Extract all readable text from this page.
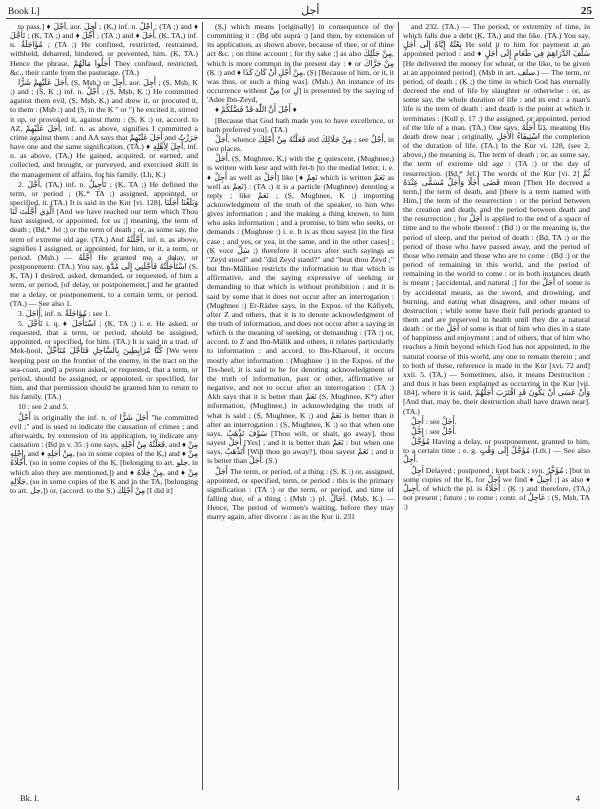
Book I.]	أجل	25

to pass.] ♦ أَجْلَ, aor. أَجِلَ ; (Ḳ,) inf. n. أَجْلٌ ; (TA ;) and ♦ تَأَجَّلَ ; (Ḳ, TA ;) and ♦ أُجِّلَ ; (TA ;) and ♦ أَجَلَ, (Ḳ, TA,) inf. n. مُؤَاجَلَةٌ ; (TA ;) He confined, restricted, restrained, withheld, debarred, hindered, or prevented, him. (Ḳ, TA.) Hence the phrase, أَجَلُوا مَالَهُمْ They confined, restricted, &c., their cattle from the pasturage. (TA.)

أَجَلَ عَلَيْهِمْ شَرًّا, (Ṣ, Mṣb,) or أَجِلَ, aor. أَجِلَ ; (Ṣ, Mṣb, Ḳ ;) and ; (Ṣ, Ḳ ;) inf. n. أَجْلٌ ; (Ṣ, Mṣb, Ḳ ;) He committed against them evil, (Ṣ, Mṣb, Ḳ,) and drew it, or procured it, to them : (Mṣb :) and (Ṣ, in the Ḳ " or ") he excited it, stirred it up, or provoked it, against them : (Ṣ, Ḳ :) or, accord. to AZ, أَجَلَ عَلَيْهِمْ, inf. n. as above, signifies I committed a crime against them : and AA says that أَجَلَ عَلَيْهِمْ and جَرَرْتُ have one and the same signification. (TA.) ♦ أَجِلَ لِأَهْلِهِ, inf. n. as above, (TA,) He gained, acquired, or earned, and collected, and brought, or purveyed, and exercised skill in the management of affairs, for his family. (Lh, Ḳ.)

2. أَجَّلَ, (TA,) inf. n. تَأْجِيلٌ ; (Ḳ, TA ;) He defined the term, or period ; (Ḳ,* TA ;) assigned, appointed, or specified, it. (TA.) It is said in the Ḳur [vi. 128], وَبَلَغْنَا أَجَلَنَا الَّذِي أَجَّلْتَ لَنَا [And we have reached our term which Thou hast assigned, or appointed, for us ;] meaning, the term of death ; (Bḍ,* Jel ;) or the term of death ; or, as some say, the term of extreme old age. (TA.) And أَجَّلْتُهُ, inf. n. as above, signifies I assigned, or appointed, for him, or it, a term, or period. (Mṣb.) — أَجَّلَهُ He granted me a delay, or postponement. (TA.) You say, اسْتَأْجَلْتُهُ فَأَجَّلَنِي إِلَى مُدَّةٍ (Ṣ, Ḳ, TA) I desired, asked, demanded, or requested, of him a term, or period, [of delay, or postponement,] and he granted me a delay, or postponement, to a certain term, or period. (TA.) — See also 1.

3. أَاجَلَ, inf. n. مُؤَاجَلَةٌ : see 1.

5. تَأَجَّلَ i. q. ♦ اسْتَأْجَلَ ; (Ḳ, TA ;) i. e. He asked, or requested, that a term, or period, should be assigned, appointed, or specified, for him. (TA.) It is said in a trad. of Mek-ḥool, كُنَّا مُرَابِطِينَ بِالسَّاحِلِ فَتَأَجَّلَ مُتَأَجِّلٌ [We were keeping post on the frontier of the enemy, in the tract on the sea-coast, and] a person asked, or requested, that a term, or period, should be assigned, or appointed, or specified, for him, and that permission should be granted him to return to his family. (TA.)

10 : see 2 and 5.

أَجْلٌ is originally the inf. n. of أَجَلَ شَرًّا "he committed evil ;" and is used to indicate the causation of crimes ; and afterwards, by extension of its application, to indicate any causation : (Bḍ in v. 35 :) one says, فَعَلْتُهُ مِنْ أَجْلِهِ, and ♦ مِنْ إِجْلِهِ, and ♦ مِنْ أَجَلِهِ, (so in some copies of the Ḳ,) and ♦ مِنْ أَجْلَاهُ, (so in some copies of the Ḳ, [belonging to art. جلو, in which also they are mentioned,]) and ♦ مِنْ جَلَاهُ, and ♦ مِنْ جَلَالِهِ, (so in some copies of the Ḳ and in the TA, [belonging to art. جل,]) or, (accord. to the Ṣ,) مِنْ أَجْلِكَ [I did it]

(Ṣ,) which means [originally] in consequence of thy committing it : (Bḍ ubi suprà :) [and then, by extension of its application, as shown above, because of thee, or of thine act &c. ; on thine account ; for thy sake ;] as also مِنْ جَلَلِكَ, which is more common in the present day : ♦ or مِنْ جَرَّاكَ (Ḳ :) and ♦ مِنْ أَجْلِ أَنْ كَانَ كَذَا, (Ṣ) [Because of him, or it, it was thus, or such a thing was]. (Mṣb.) An instance of its occurrence without مِنْ [or لِ] is presented by the saying of 'Adee Ibn-Zeyd,

♦ أَجْلَ أَنَّ اللّٰهَ قَدْ فَضَّلَكُمْ ♦

[Because that God hath made you to have excellence, or hath preferred you]. (TA.)

أَجَلْ, whence فَعَلْتُهُ مِنْ أَجْلِكَ and مِنْ جَلَالِكَ ; see أَجْلٌ, in two places.

أَجَلْ, (Ṣ, Mughnee, Ḳ,) with the ج quiescent, (Mughnee,) is written with kesr and with fet-h [to the medial letter, i. e. ♦ أَجِلْ as well as أَجَلْ] like [♦ نَعِمْ which is written نَعَمْ as well as نَعِمْ] : (TA :) it is a particle (Mughnee) denoting a reply ; like نَعَمْ ; (Ṣ, Mughnee, Ḳ ;) importing acknowledgment of the truth of the speaker, to him who gives information ; and the making a thing known, to him who asks information ; and a promise, to him who seeks, or demands : (Mughnee :) i. e. It is as thou sayest [in the first case ; and yes, or yea, in the same, and in the other cases] ; (Ḳ voce سَلْ ;) therefore it occurs after such sayings as "Zeyd stood" and "did Zeyd stand?" and "beat thou Zeyd ;" but Ibn-Mâlikee restricts the information to that which is affirmative, and the saying expressive of seeking or demanding to that which is without prohibition : and it is said by some that it does not occur after an interrogation : (Mughnee :) Er-Rádee says, in the Expos. of the Káfiyeh, after Z and others, that it is to denote acknowledgment of the truth of information, and does not occur after a saying in which is the meaning of seeking, or demanding : (TA :) or, accord. to Z and Ibn-Málik and others, it relates particularly to information : and accord. to Ibn-Kharoof, it occurs mostly after information : (Mughnee :) in the Expos. of the Tes-heel, it is said to be for denoting acknowledgment of the truth of information, past or other, affirmative or negative, and not to occur after an interrogation : (TA :) Akh says that it is better than نَعَمْ (Ṣ, Mughnee, K*) after information, (Mughnee,) in acknowledging the truth of what is said ; (Ṣ, Mughnee, Ḳ ;) and نَعَمْ is better than it after an interrogation : (Ṣ, Mughnee, Ḳ :) so that when one says, سَوْفَ تَذْهَبُ [Thou wilt, or shalt, go away], thou sayest أَجَلْ [Yes] ; and it is better than نَعَمْ : but when one says, أَتَذْهَبُ [Wilt thou go away?], thou sayest نَعَمْ ; and it is better than أَجَلْ. (Ṣ.)

أَجَلٌ The term, or period, of a thing : (Ṣ, Ḳ :) or, assigned, appointed, or specified, term, or period : this is the primary signification : (TA :) or the term, or period, and time of falling due, of a thing : (Mṣb :) pl. آجَالٌ. (Mṣb, Ḳ.) — Hence, The period of women's waiting, before they may marry again, after divorce : as in the Ḳur ii. 231

and 232. (TA.) — The period, or extremity of time, in which falls due a debt (Ḳ, TA,) and the like. (TA.) You say, بِعْتُهُ إِيَّاهُ إِلَى أَجَلٍ He sold it to him for payment at an appointed period : and ♦ سَلَّفَ الدَّرَاهِمَ فِي طَعَامٍ إِلَى أَجَلٍ [He delivered the money for wheat, or the like, to be given at an appointed period]. (Mṣb in art. سلف.) — The term, or period, of death ; (Ḳ ;) the time in which God has eternally decreed the end of life by slaughter or otherwise : or, as some say, the whole duration of life : and its end : a man's life is the term of death : and death is the point at which it terminates : (Kull p. 17 :) the assigned, or appointed, period of the life of a man. (TA.) One says, دَنَا أَجَلُهُ, meaning His death drew near ; originally, اسْتِيفَاءُ الأَجَلِ the completion of the duration of life. (TA.) In the Ḳur vi. 128, (see 2, above,) the meaning is, The term of death ; or, as some say, the term of extreme old age : (TA :) or the day of resurrection. (Bḍ,* Jel.) The words of the Ḳur [vi. 2] ثُمَّ قَضَى أَجَلًا وَأَجَلٌ مُسَمًّى عِنْدَهُ mean [Then He decreed a term,] the term of death, and [there is a term named with Him,] the term of the resurrection : or the period between the creation and death, and the period between death and the resurrection ; for أَجَلٌ is applied to the end of a space of time and to the whole thereof : (Bḍ :) or the meaning is, the period of sleep, and the period of death : (Bḍ, TA :) or the period of those who have passed away, and the period of those who remain and those who are to come : (Bḍ :) or the period of remaining in this world, and the period of remaining in the world to come : or in both instances death is meant ; [accidental, and natural ;] for the أَجَلٌ of some is by accidental means, as the sword, and drowning, and burning, and eating what disagrees, and other means of destruction ; while some have their full periods granted to them and are preserved in health until they die a natural death : or the أَجَلٌ of some is that of him who dies in a state of happiness and enjoyment ; and of others, that of him who reaches a limit beyond which God has not appointed, in the natural course of this world, any one to remain therein ; and to both of these, reference is made in the Ḳur [xvi. 72 and] xxii. 5. (TA.) — Sometimes, also, it means Destruction : and thus it has been explained as occurring in the Ḳur [vii. 184], where it is said, وَأَنْ عَسَى أَنْ يَكُونَ قَدِ اقْتَرَبَ أَجَلُهُمْ [And that, may be, their destruction shall have drawn near]. (TA.)

أَجِلٌ : see أَجَلْ.

إِجْلٌ : see أَجْلٌ.

مُؤَجَّلٌ Having a delay, or postponement, granted to him, to a certain time ; e. g. مُؤَجَّلٌ إِلَى وَقْتٍ (Lth.) — See also أَجِلٌ.

آجِلٌ Delayed ; postponed ; kept back ; syn. مُؤَخَّرٌ ; [but in some copies of the Ḳ, for آجِلٌ we find ♦ أَجِيلٌ ;] as also ♦ أَجِيلٌ, of which the pl. is أُجَلَاءُ : (Ḳ :) and therefore, (TA,) not present ; future ; to come ; contr. of عَاجِلٌ : (Ṣ, Mṣb, TA :)

Bk. I.	4
